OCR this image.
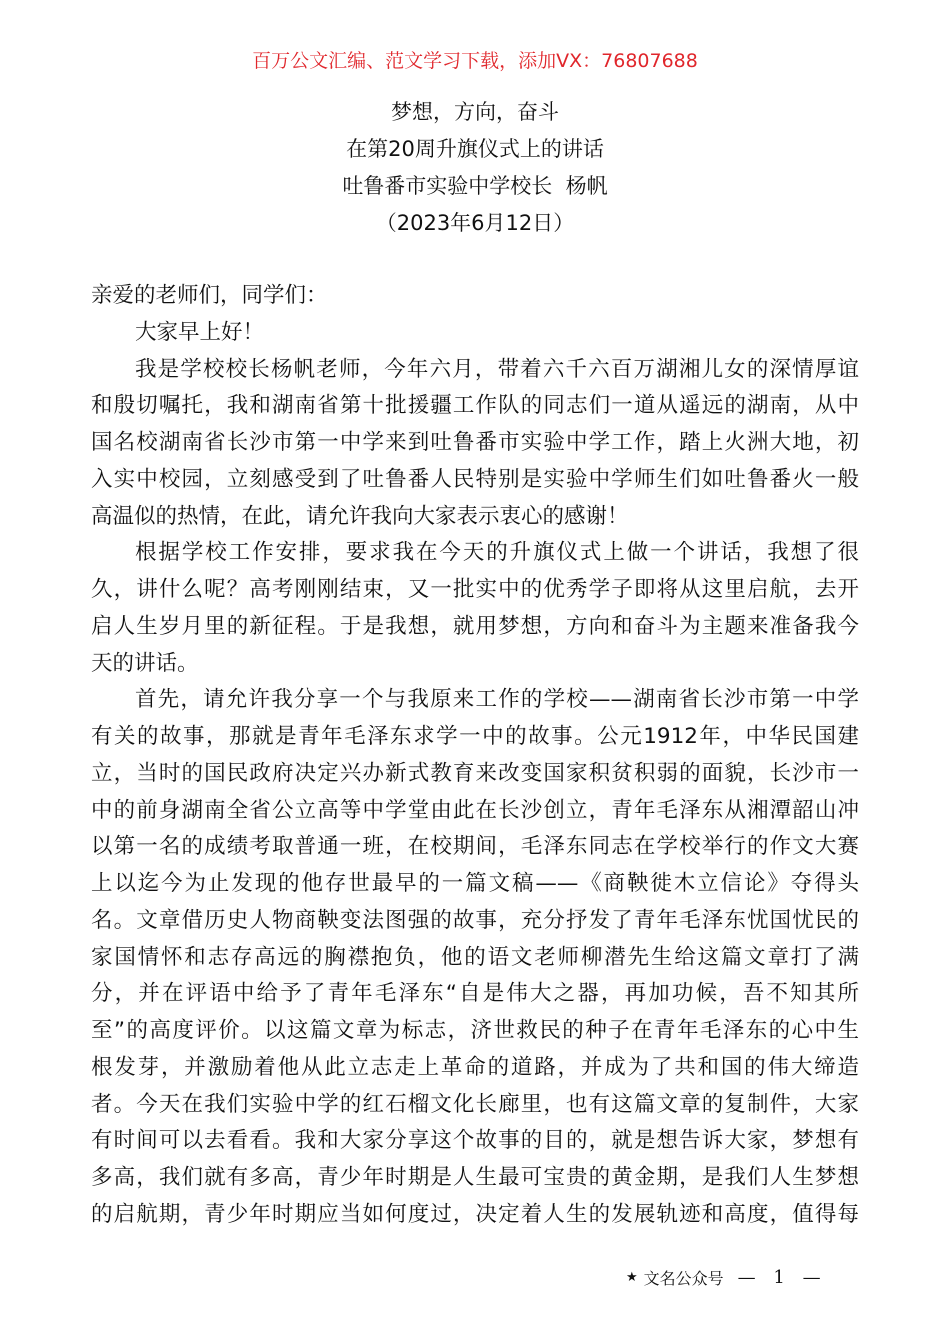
百万公文汇编、范文学习下载，添加VX：76807688
梦想，方向，奋斗
在第20周升旗仪式上的讲话
吐鲁番市实验中学校长  杨帆
（2023年6月12日）
亲爱的老师们，同学们：
大家早上好！
我是学校校长杨帆老师，今年六月，带着六千六百万湖湘儿女的深情厚谊
和殷切嘱托，我和湖南省第十批援疆工作队的同志们一道从遥远的湖南，从中
国名校湖南省长沙市第一中学来到吐鲁番市实验中学工作，踏上火洲大地，初
入实中校园，立刻感受到了吐鲁番人民特别是实验中学师生们如吐鲁番火一般
高温似的热情，在此，请允许我向大家表示衷心的感谢！
根据学校工作安排，要求我在今天的升旗仪式上做一个讲话，我想了很
久，讲什么呢？高考刚刚结束，又一批实中的优秀学子即将从这里启航，去开
启人生岁月里的新征程。于是我想，就用梦想，方向和奋斗为主题来准备我今
天的讲话。
首先，请允许我分享一个与我原来工作的学校——湖南省长沙市第一中学
有关的故事，那就是青年毛泽东求学一中的故事。公元1912年，中华民国建
立，当时的国民政府决定兴办新式教育来改变国家积贫积弱的面貌，长沙市一
中的前身湖南全省公立高等中学堂由此在长沙创立，青年毛泽东从湘潭韶山冲
以第一名的成绩考取普通一班，在校期间，毛泽东同志在学校举行的作文大赛
上以迄今为止发现的他存世最早的一篇文稿——《商鞅徙木立信论》夺得头
名。文章借历史人物商鞅变法图强的故事，充分抒发了青年毛泽东忧国忧民的
家国情怀和志存高远的胸襟抱负，他的语文老师柳潜先生给这篇文章打了满
分，并在评语中给予了青年毛泽东“自是伟大之器，再加功候，吾不知其所
至”的高度评价。以这篇文章为标志，济世救民的种子在青年毛泽东的心中生
根发芽，并激励着他从此立志走上革命的道路，并成为了共和国的伟大缔造
者。今天在我们实验中学的红石榴文化长廊里，也有这篇文章的复制件，大家
有时间可以去看看。我和大家分享这个故事的目的，就是想告诉大家，梦想有
多高，我们就有多高，青少年时期是人生最可宝贵的黄金期，是我们人生梦想
的启航期，青少年时期应当如何度过，决定着人生的发展轨迹和高度，值得每
★ 文名公众号 — 1 —
